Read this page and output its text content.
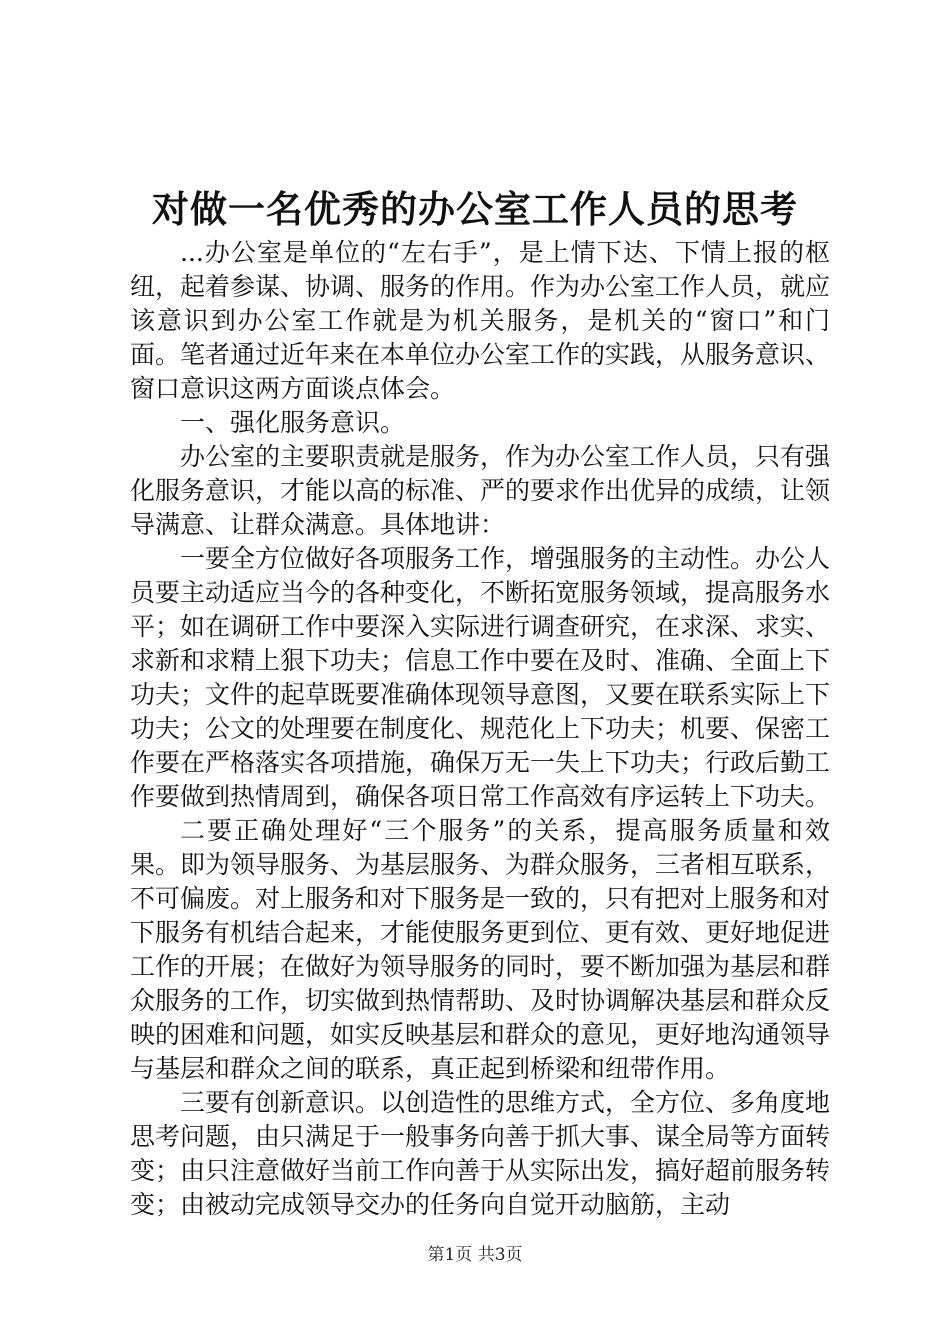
对做一名优秀的办公室工作人员的思考

...办公室是单位的“左右手”，是上情下达、下情上报的枢纽，起着参谋、协调、服务的作用。作为办公室工作人员，就应该意识到办公室工作就是为机关服务，是机关的“窗口”和门面。笔者通过近年来在本单位办公室工作的实践，从服务意识、窗口意识这两方面谈点体会。

一、强化服务意识。

办公室的主要职责就是服务，作为办公室工作人员，只有强化服务意识，才能以高的标准、严的要求作出优异的成绩，让领导满意、让群众满意。具体地讲：

一要全方位做好各项服务工作，增强服务的主动性。办公人员要主动适应当今的各种变化，不断拓宽服务领域，提高服务水平；如在调研工作中要深入实际进行调查研究，在求深、求实、求新和求精上狠下功夫；信息工作中要在及时、准确、全面上下功夫；文件的起草既要准确体现领导意图，又要在联系实际上下功夫；公文的处理要在制度化、规范化上下功夫；机要、保密工作要在严格落实各项措施，确保万无一失上下功夫；行政后勤工作要做到热情周到，确保各项日常工作高效有序运转上下功夫。

二要正确处理好“三个服务”的关系，提高服务质量和效果。即为领导服务、为基层服务、为群众服务，三者相互联系，不可偏废。对上服务和对下服务是一致的，只有把对上服务和对下服务有机结合起来，才能使服务更到位、更有效、更好地促进工作的开展；在做好为领导服务的同时，要不断加强为基层和群众服务的工作，切实做到热情帮助、及时协调解决基层和群众反映的困难和问题，如实反映基层和群众的意见，更好地沟通领导与基层和群众之间的联系，真正起到桥梁和纽带作用。

三要有创新意识。以创造性的思维方式，全方位、多角度地思考问题，由只满足于一般事务向善于抓大事、谋全局等方面转变；由只注意做好当前工作向善于从实际出发，搞好超前服务转变；由被动完成领导交办的任务向自觉开动脑筋，主动

第1页 共3页
